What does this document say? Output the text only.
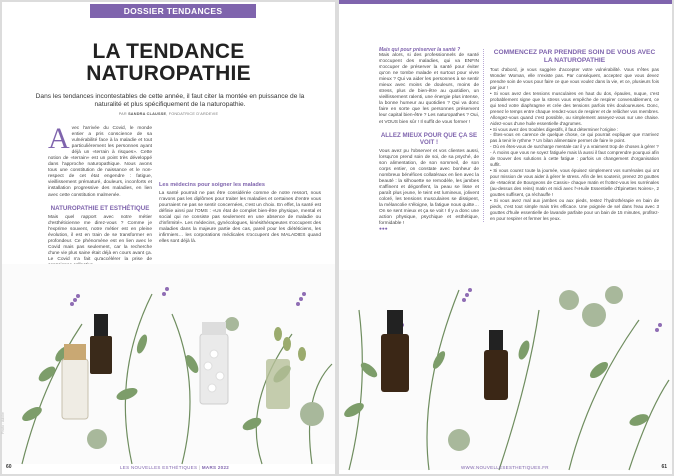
DOSSIER TENDANCES
LA TENDANCE
NATUROPATHIE
Dans les tendances incontestables de cette année, il faut citer la montée en puissance de la naturalité et plus spécifiquement de la naturopathie.
PAR SANDRA CLAUSSE, FONDATRICE D'ARDEVIE
A vec l'arrivée du Covid, le monde entier a pris conscience de sa vulnérabilité face à la maladie et tout particulièrement les personnes ayant déjà un «terrain à risques». Cette notion de «terrain» est un point très développé dans l'approche naturopathique. Nous avons tous une constitution de naissance et le non-respect de cet état engendre : fatigue, vieillissement prématuré, douleurs, inconforts et installation progressive des maladies, en lien avec cette constitution malmenée.
NATUROPATHIE ET ESTHÉTIQUE
Mais quel rapport avec notre métier d'esthéticienne me direz-vous ? Comme je l'exprime souvent, notre métier est en pleine évolution, il est en train de se transformer en profondeur. Ce phénomène est en lien avec le Covid mais pas seulement, car la recherche d'une vie plus saine était déjà en cours avant ça. Le Covid n'a fait qu'accélérer la prise de
Les médecins pour soigner les malades
La santé pourrait ne pas être considérée comme de notre ressort, nous n'avons pas les diplômes pour traiter les maladies et certaines d'entre vous pourraient ne pas se sentir concernées, c'est un choix. En effet, la santé est définie ainsi par l'OMS : «Un état de complet bien-être physique, mental et social qui ne consiste pas seulement en une absence de maladie ou d'infirmité». Les médecins, gynécologues, kinésithérapeutes s'occupent des maladies dans la majeure partie des cas, pareil pour les diététiciens, les infirmiers… les corporations médicales s'occupent des MALADIES quand elles sont déjà là.
Photo : Adobe
60	LES NOUVELLES ESTHÉTIQUES | MARS 2022
Mais qui pour préserver la santé ?
Mais alors, si des professionnels de santé s'occupent des maladies, qui va ENFIN s'occuper de préserver la santé pour éviter qu'on ne tombe malade et surtout pour vivre mieux ? Qui va aider les personnes à se sentir mieux avec moins de douleurs, moins de stress, plus de bien-être au quotidien, un vieillissement ralenti, une énergie plus intense, la bonne humeur au quotidien ? Qui va donc faire en sorte que les personnes préservent leur capital bien-être ? Les naturopathes ? Oui, et VOUS bien sûr ! Il suffit de vous former !
ALLEZ MIEUX POUR QUE ÇA SE VOIT !
Vous avez pu l'observer et vos clientes aussi, lorsqu'on prend soin de soi, de sa psyché, de son alimentation, de son sommeil, de son corps entier, on constate avec bonheur de nombreux bénéfices collatéraux en lien avec la beauté : la silhouette se remodèle, les jambes s'affinent et dégonflent, la peau se lisse et paraît plus jeune, le teint est lumineux, jolivent coloré, les tensions musculaires se dissipent, la mélancolie s'éloigne, la fatigue nous quitte… On se sent mieux et ça se voit ! Il y a donc une action physique, psychique et esthétique, formidable !
●●●
COMMENCEZ PAR PRENDRE SOIN DE VOUS AVEC LA NATUROPATHIE
Tout d'abord, je vous suggère d'accepter votre vulnérabilité. Vous n'êtes pas Wonder Woman, elle n'existe pas. Par conséquent, acceptez que vous devez prendre soin de vous pour faire ce que vous voulez dans la vie, et ce, plusieurs fois par jour !
• Si vous avez des tensions musculaires en haut du dos, épaules, nuque, c'est probablement signe que la stress vous empêche de respirer convenablement, ce qui tend votre diaphragme et crée des tensions parfois très douloureuses. Donc, prenez le temps entre chaque rendez-vous de respirer et de relâcher vos membres. Allongez-vous quand c'est possible, ou simplement asseyez-vous sur une chaise. Aidez-vous d'une huile essentielle d'agrumes.
• Si vous avez des troubles digestifs, il faut déterminer l'origine :
- Êtes-vous en carence de quelque chose, ce qui pourrait expliquer que n'arrivez pas à tenir le rythme ? Un bilan alimentaire permet de faire le point.
- Où en êtes-vous de surcharge mentale car il y a vraiment trop de choses à gérer ?
- À moins que vous ne soyez fatiguée mais là aussi il faut comprendre pourquoi afin de trouver des solutions à cette fatigue : parfois un changement d'organisation suffit.
• Si vous courez toute la journée, vous épuisez simplement vos surrénales qui ont pour mission de vous aider à gérer le stress. Afin de les soutenir, prenez 20 gouttes de «Macérat de Bourgeons de Cassis» chaque matin et frottez-vous les surrénales (au-dessus des reins) matin et midi avec l'«Huile Essentielle d'Épinettes Noires», 2 gouttes suffisent, ça réchauffe !
• Si vous avez mal aux jambes ou aux pieds, testez l'hydrothérapie en bain de pieds, c'est tout simple mais très efficace. Une poignée de sel dans l'eau avec 3 gouttes d'huile essentielle de lavande parfaite pour un bain de 15 minutes, profitez-en pour respirer et fermer les yeux.
WWW.NOUVELLESESTHETIQUES.FR	61
